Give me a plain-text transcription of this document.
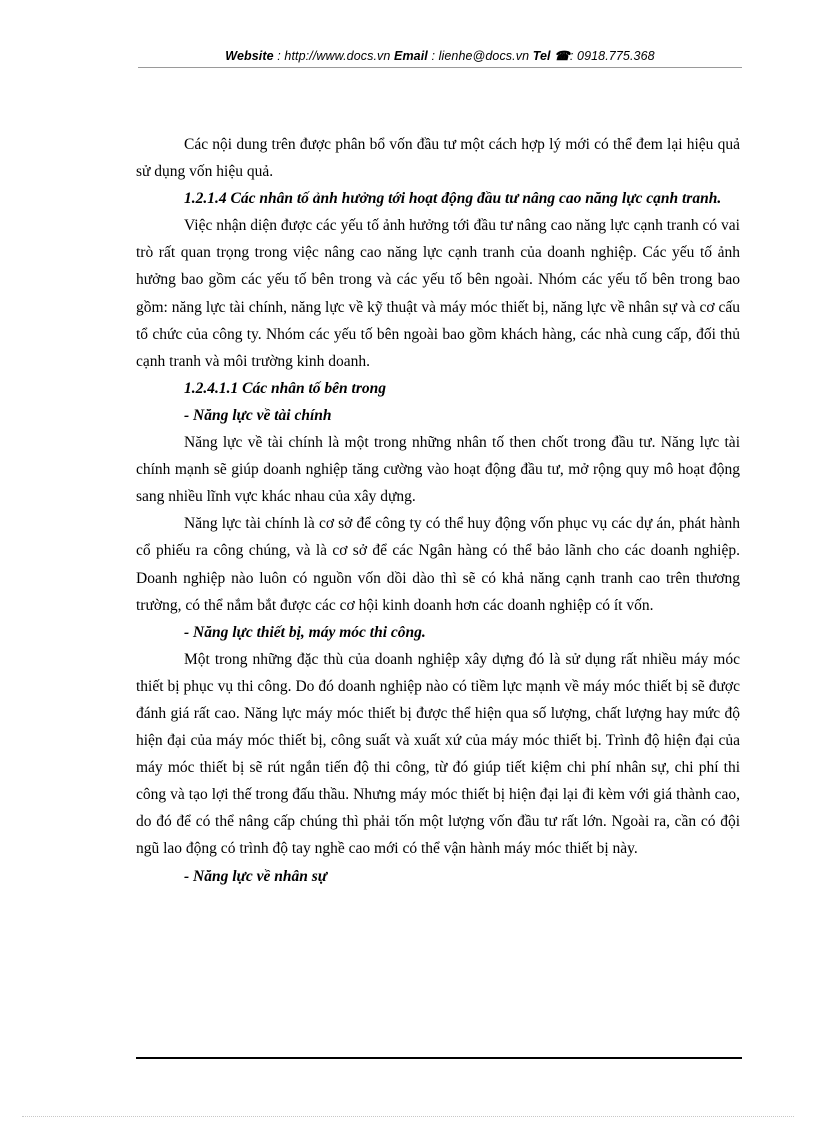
Website : http://www.docs.vn Email : lienhe@docs.vn Tel ☎: 0918.775.368

Các nội dung trên được phân bổ vốn đầu tư một cách hợp lý mới có thể đem lại hiệu quả sử dụng vốn hiệu quả.

1.2.1.4 Các nhân tố ảnh hưởng tới hoạt động đầu tư nâng cao năng lực cạnh tranh.

Việc nhận diện được các yếu tố ảnh hưởng tới đầu tư nâng cao năng lực cạnh tranh có vai trò rất quan trọng trong việc nâng cao năng lực cạnh tranh của doanh nghiệp. Các yếu tố ảnh hưởng bao gồm các yếu tố bên trong và các yếu tố bên ngoài. Nhóm các yếu tố bên trong bao gồm: năng lực tài chính, năng lực về kỹ thuật và máy móc thiết bị, năng lực về nhân sự và cơ cấu tổ chức của công ty. Nhóm các yếu tố bên ngoài bao gồm khách hàng, các nhà cung cấp, đối thủ cạnh tranh và môi trường kinh doanh.

1.2.4.1.1 Các nhân tố bên trong

- Năng lực về tài chính

Năng lực về tài chính là một trong những nhân tố then chốt trong đầu tư. Năng lực tài chính mạnh sẽ giúp doanh nghiệp tăng cường vào hoạt động đầu tư, mở rộng quy mô hoạt động sang nhiều lĩnh vực khác nhau của xây dựng.

Năng lực tài chính là cơ sở để công ty có thể huy động vốn phục vụ các dự án, phát hành cổ phiếu ra công chúng, và là cơ sở để các Ngân hàng có thể bảo lãnh cho các doanh nghiệp. Doanh nghiệp nào luôn có nguồn vốn dồi dào thì sẽ có khả năng cạnh tranh cao trên thương trường, có thể nắm bắt được các cơ hội kinh doanh hơn các doanh nghiệp có ít vốn.

- Năng lực thiết bị, máy móc thi công.

Một trong những đặc thù của doanh nghiệp xây dựng đó là sử dụng rất nhiều máy móc thiết bị phục vụ thi công. Do đó doanh nghiệp nào có tiềm lực mạnh về máy móc thiết bị sẽ được đánh giá rất cao. Năng lực máy móc thiết bị được thể hiện qua số lượng, chất lượng hay mức độ hiện đại của máy móc thiết bị, công suất và xuất xứ của máy móc thiết bị. Trình độ hiện đại của máy móc thiết bị sẽ rút ngắn tiến độ thi công, từ đó giúp tiết kiệm chi phí nhân sự, chi phí thi công và tạo lợi thế trong đấu thầu. Nhưng máy móc thiết bị hiện đại lại đi kèm với giá thành cao, do đó để có thể nâng cấp chúng thì phải tốn một lượng vốn đầu tư rất lớn. Ngoài ra, cần có đội ngũ lao động có trình độ tay nghề cao mới có thể vận hành máy móc thiết bị này.

- Năng lực về nhân sự
